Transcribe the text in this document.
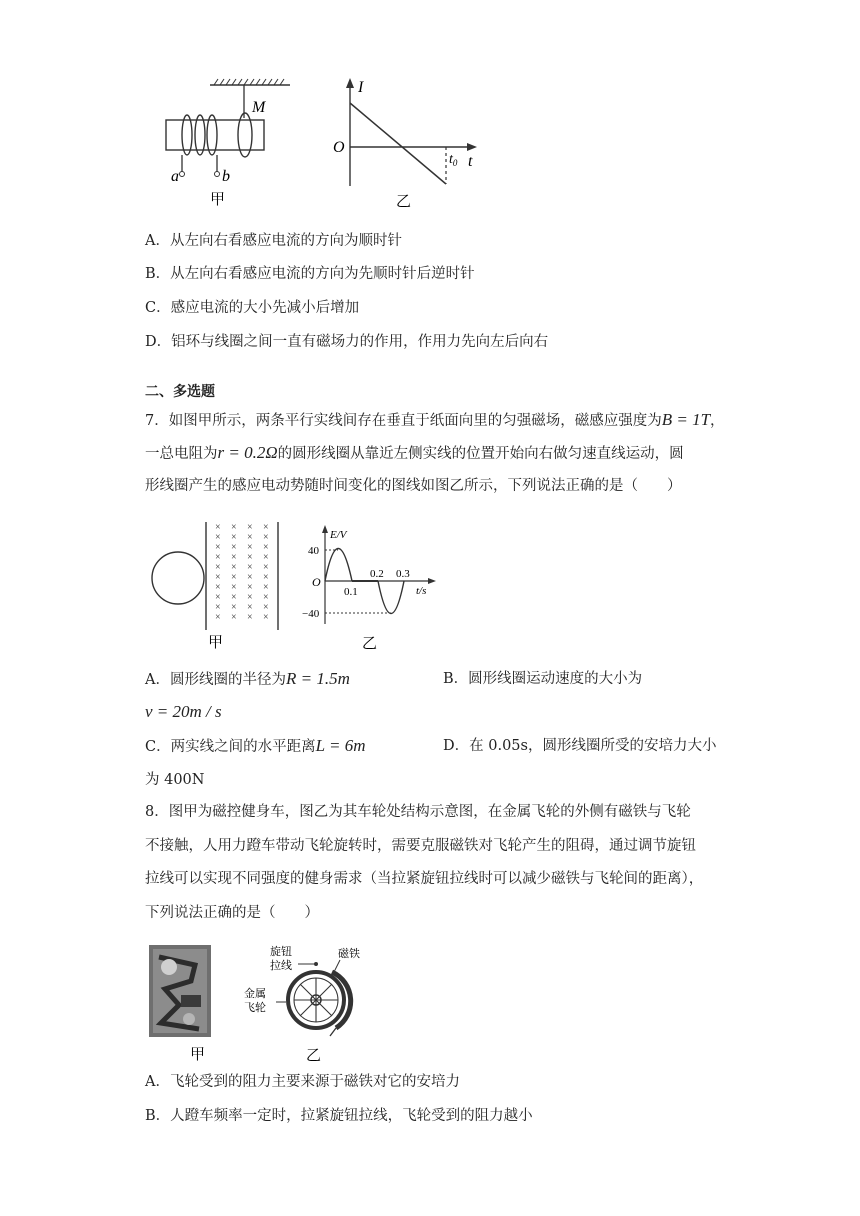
M
a	b
甲
I
O
$t_0$ t
乙
A．从左向右看感应电流的方向为顺时针
B．从左向右看感应电流的方向为先顺时针后逆时针
C．感应电流的大小先减小后增加
D．铝环与线圈之间一直有磁场力的作用，作用力先向左后向右
二、多选题
7．如图甲所示，两条平行实线间存在垂直于纸面向里的匀强磁场，磁感应强度为B = 1T，
一总电阻为r = 0.2Ω的圆形线圈从靠近左侧实线的位置开始向右做匀速直线运动，圆
形线圈产生的感应电动势随时间变化的图线如图乙所示，下列说法正确的是（　　）
× × × ×
× × × ×
× × × ×
× × × ×
× × × ×
× × × ×
× × × ×
× × × ×
× × × ×
× × × ×
甲
E/V
40
O
0.1
0.2 0.3
t/s
−40
乙
A．圆形线圈的半径为R = 1.5m	B．圆形线圈运动速度的大小为
v = 20m / s
C．两实线之间的水平距离L = 6m	D．在 0.05s，圆形线圈所受的安培力大小
为 400N
8．图甲为磁控健身车，图乙为其车轮处结构示意图，在金属飞轮的外侧有磁铁与飞轮
不接触，人用力蹬车带动飞轮旋转时，需要克服磁铁对飞轮产生的阻碍，通过调节旋钮
拉线可以实现不同强度的健身需求（当拉紧旋钮拉线时可以减少磁铁与飞轮间的距离），
下列说法正确的是（　　）
甲
旋钮
拉线
磁铁
金属
飞轮
乙
A．飞轮受到的阻力主要来源于磁铁对它的安培力
B．人蹬车频率一定时，拉紧旋钮拉线，飞轮受到的阻力越小
